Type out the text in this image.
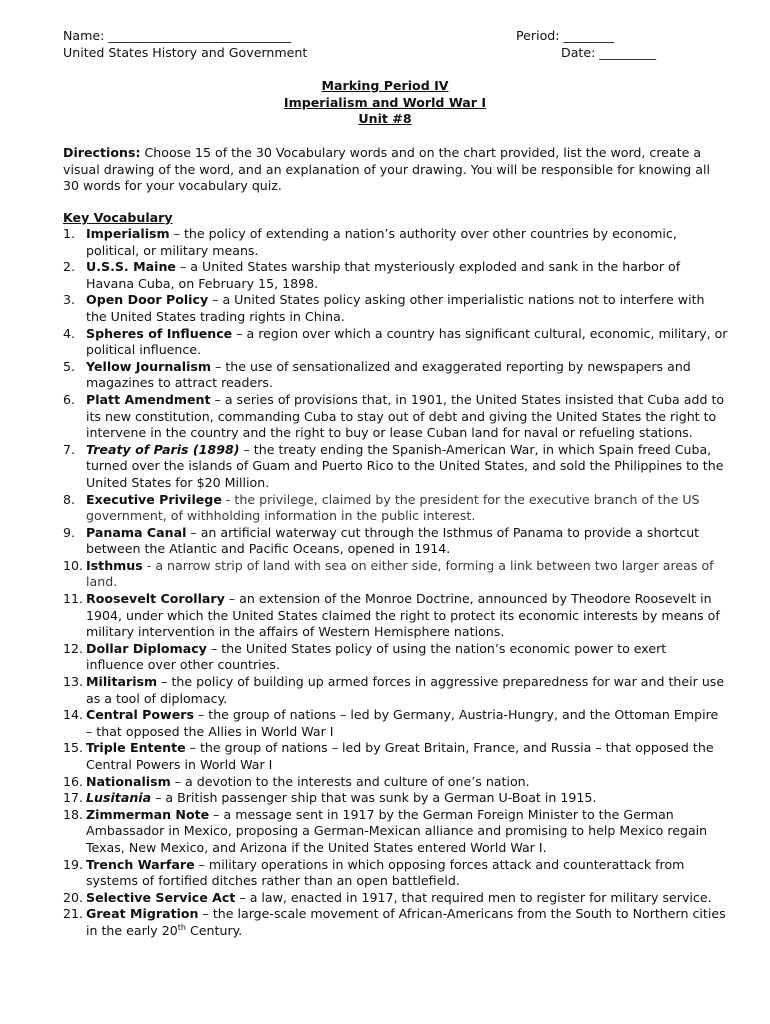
Name: _____________________________	Period: ________
United States History and Government	Date: _________
Marking Period IV
Imperialism and World War I
Unit #8
Directions: Choose 15 of the 30 Vocabulary words and on the chart provided, list the word, create a visual drawing of the word, and an explanation of your drawing. You will be responsible for knowing all 30 words for your vocabulary quiz.
Key Vocabulary
1. Imperialism – the policy of extending a nation’s authority over other countries by economic, political, or military means.
2. U.S.S. Maine – a United States warship that mysteriously exploded and sank in the harbor of Havana Cuba, on February 15, 1898.
3. Open Door Policy – a United States policy asking other imperialistic nations not to interfere with the United States trading rights in China.
4. Spheres of Influence – a region over which a country has significant cultural, economic, military, or political influence.
5. Yellow Journalism – the use of sensationalized and exaggerated reporting by newspapers and magazines to attract readers.
6. Platt Amendment – a series of provisions that, in 1901, the United States insisted that Cuba add to its new constitution, commanding Cuba to stay out of debt and giving the United States the right to intervene in the country and the right to buy or lease Cuban land for naval or refueling stations.
7. Treaty of Paris (1898) – the treaty ending the Spanish-American War, in which Spain freed Cuba, turned over the islands of Guam and Puerto Rico to the United States, and sold the Philippines to the United States for $20 Million.
8. Executive Privilege - the privilege, claimed by the president for the executive branch of the US government, of withholding information in the public interest.
9. Panama Canal – an artificial waterway cut through the Isthmus of Panama to provide a shortcut between the Atlantic and Pacific Oceans, opened in 1914.
10. Isthmus - a narrow strip of land with sea on either side, forming a link between two larger areas of land.
11. Roosevelt Corollary – an extension of the Monroe Doctrine, announced by Theodore Roosevelt in 1904, under which the United States claimed the right to protect its economic interests by means of military intervention in the affairs of Western Hemisphere nations.
12. Dollar Diplomacy – the United States policy of using the nation’s economic power to exert influence over other countries.
13. Militarism – the policy of building up armed forces in aggressive preparedness for war and their use as a tool of diplomacy.
14. Central Powers – the group of nations – led by Germany, Austria-Hungry, and the Ottoman Empire – that opposed the Allies in World War I
15. Triple Entente – the group of nations – led by Great Britain, France, and Russia – that opposed the Central Powers in World War I
16. Nationalism – a devotion to the interests and culture of one’s nation.
17. Lusitania – a British passenger ship that was sunk by a German U-Boat in 1915.
18. Zimmerman Note – a message sent in 1917 by the German Foreign Minister to the German Ambassador in Mexico, proposing a German-Mexican alliance and promising to help Mexico regain Texas, New Mexico, and Arizona if the United States entered World War I.
19. Trench Warfare – military operations in which opposing forces attack and counterattack from systems of fortified ditches rather than an open battlefield.
20. Selective Service Act – a law, enacted in 1917, that required men to register for military service.
21. Great Migration – the large-scale movement of African-Americans from the South to Northern cities in the early 20th Century.
